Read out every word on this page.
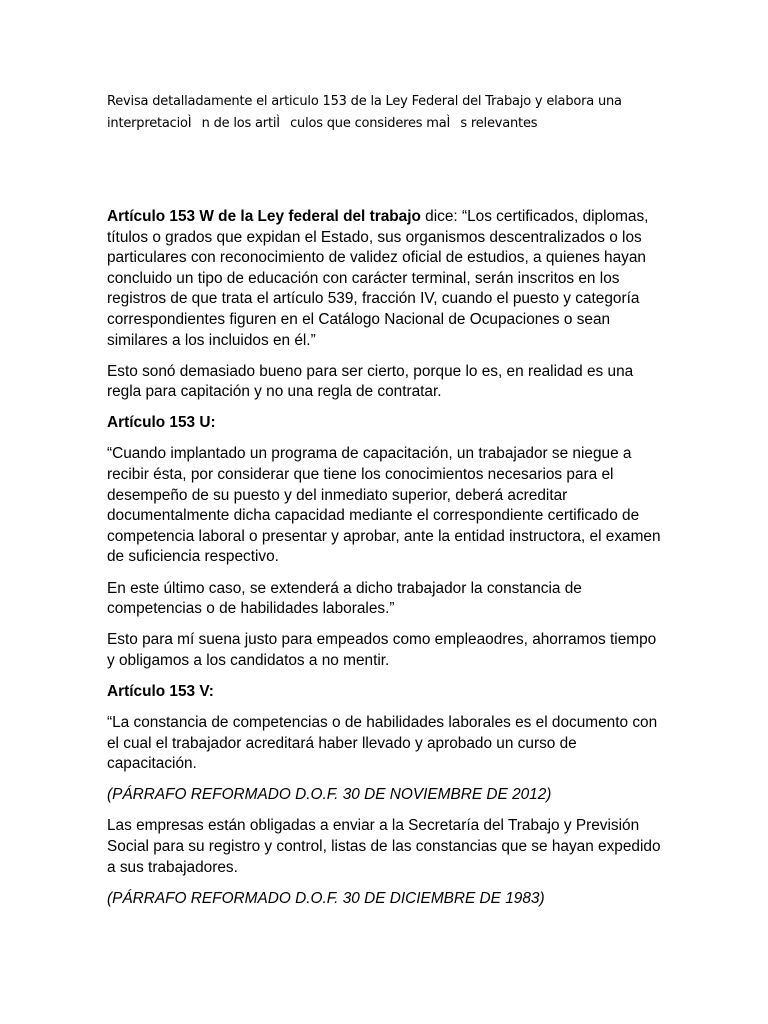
Revisa detalladamente el articulo 153 de la Ley Federal del Trabajo y elabora una interpretacioÌn de los artiÌculos que consideres maÌs relevantes

Artículo 153 W de la Ley federal del trabajo dice: “Los certificados, diplomas, títulos o grados que expidan el Estado, sus organismos descentralizados o los particulares con reconocimiento de validez oficial de estudios, a quienes hayan concluido un tipo de educación con carácter terminal, serán inscritos en los registros de que trata el artículo 539, fracción IV, cuando el puesto y categoría correspondientes figuren en el Catálogo Nacional de Ocupaciones o sean similares a los incluidos en él.”

Esto sonó demasiado bueno para ser cierto, porque lo es, en realidad es una regla para capitación y no una regla de contratar.

Artículo 153 U:

“Cuando implantado un programa de capacitación, un trabajador se niegue a recibir ésta, por considerar que tiene los conocimientos necesarios para el desempeño de su puesto y del inmediato superior, deberá acreditar documentalmente dicha capacidad mediante el correspondiente certificado de competencia laboral o presentar y aprobar, ante la entidad instructora, el examen de suficiencia respectivo.

En este último caso, se extenderá a dicho trabajador la constancia de competencias o de habilidades laborales.”

Esto para mí suena justo para empeados como empleaodres, ahorramos tiempo y obligamos a los candidatos a no mentir.

Artículo 153 V:

“La constancia de competencias o de habilidades laborales es el documento con el cual el trabajador acreditará haber llevado y aprobado un curso de capacitación.

(PÁRRAFO REFORMADO D.O.F. 30 DE NOVIEMBRE DE 2012)

Las empresas están obligadas a enviar a la Secretaría del Trabajo y Previsión Social para su registro y control, listas de las constancias que se hayan expedido a sus trabajadores.

(PÁRRAFO REFORMADO D.O.F. 30 DE DICIEMBRE DE 1983)
